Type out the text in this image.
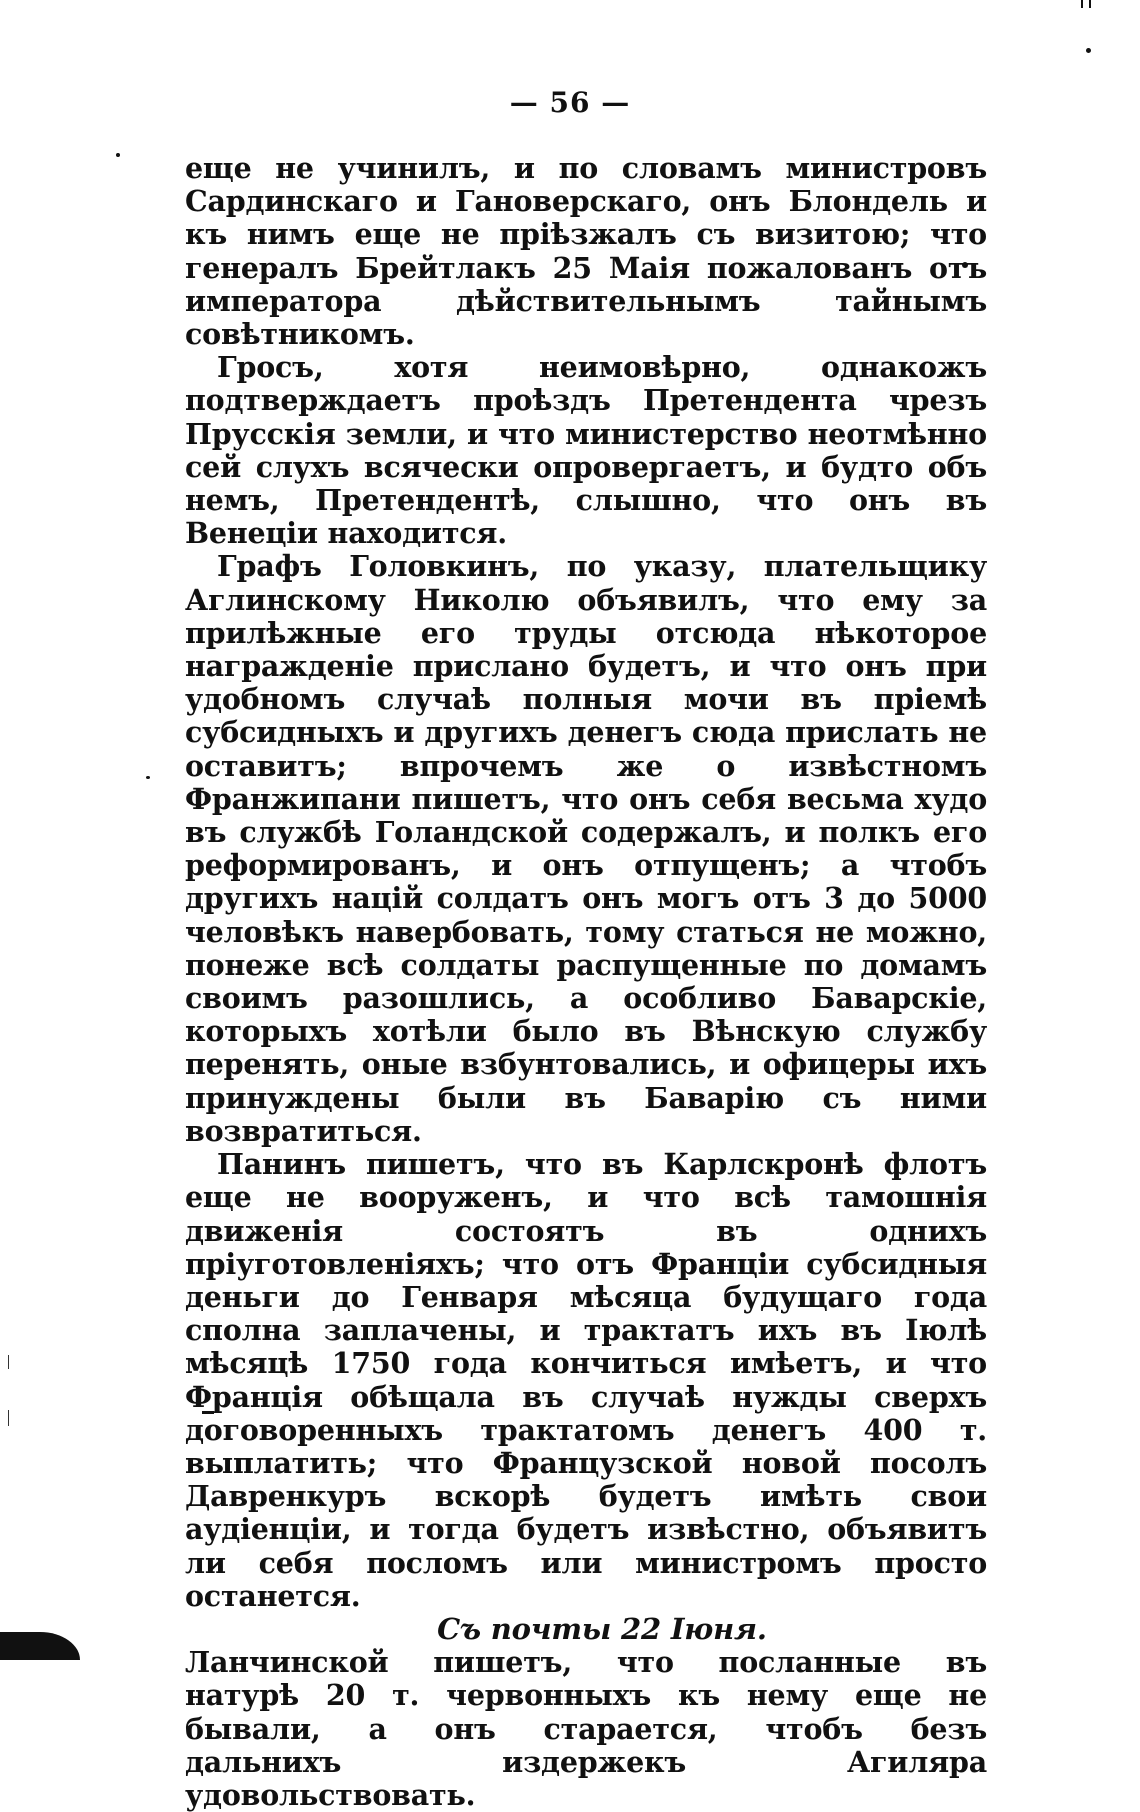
— 56 —

еще не учинилъ, и по словамъ министровъ Сардинскаго и Гановерскаго, онъ Блондель и къ нимъ еще не пріѣзжалъ съ визитою; что генералъ Брейтлакъ 25 Маія пожалованъ отъ императора дѣйствительнымъ тайнымъ совѣтникомъ.

Гросъ, хотя неимовѣрно, однакожъ подтверждаетъ проѣздъ Претендента чрезъ Прусскія земли, и что министерство неотмѣнно сей слухъ всячески опровергаетъ, и будто объ немъ, Претендентѣ, слышно, что онъ въ Венеціи находится.

Графъ Головкинъ, по указу, плательщику Аглинскому Николю объявилъ, что ему за прилѣжные его труды отсюда нѣкоторое награжденіе прислано будетъ, и что онъ при удобномъ случаѣ полныя мочи въ пріемѣ субсидныхъ и другихъ денегъ сюда прислать не оставитъ; впрочемъ же о извѣстномъ Франжипани пишетъ, что онъ себя весьма худо въ службѣ Голандской содержалъ, и полкъ его реформированъ, и онъ отпущенъ; а чтобъ другихъ націй солдатъ онъ могъ отъ 3 до 5000 человѣкъ навербовать, тому статься не можно, понеже всѣ солдаты распущенные по домамъ своимъ разошлись, а особливо Баварскіе, которыхъ хотѣли было въ Вѣнскую службу перенять, оные взбунтовались, и офицеры ихъ принуждены были въ Баварію съ ними возвратиться.

Панинъ пишетъ, что въ Карлскронѣ флотъ еще не вооруженъ, и что всѣ тамошнія движенія состоятъ въ однихъ пріуготовленіяхъ; что отъ Франціи субсидныя деньги до Генваря мѣсяца будущаго года сполна заплачены, и трактатъ ихъ въ Іюлѣ мѣсяцѣ 1750 года кончиться имѣетъ, и что Франція обѣщала въ случаѣ нужды сверхъ договоренныхъ трактатомъ денегъ 400 т. выплатить; что Французской новой посолъ Давренкуръ вскорѣ будетъ имѣть свои аудіенціи, и тогда будетъ извѣстно, объявитъ ли себя посломъ или министромъ просто останется.

Съ почты 22 Іюня.

Ланчинской пишетъ, что посланные въ натурѣ 20 т. червонныхъ къ нему еще не бывали, а онъ старается, чтобъ безъ дальнихъ издержекъ Агиляра удовольствовать.
